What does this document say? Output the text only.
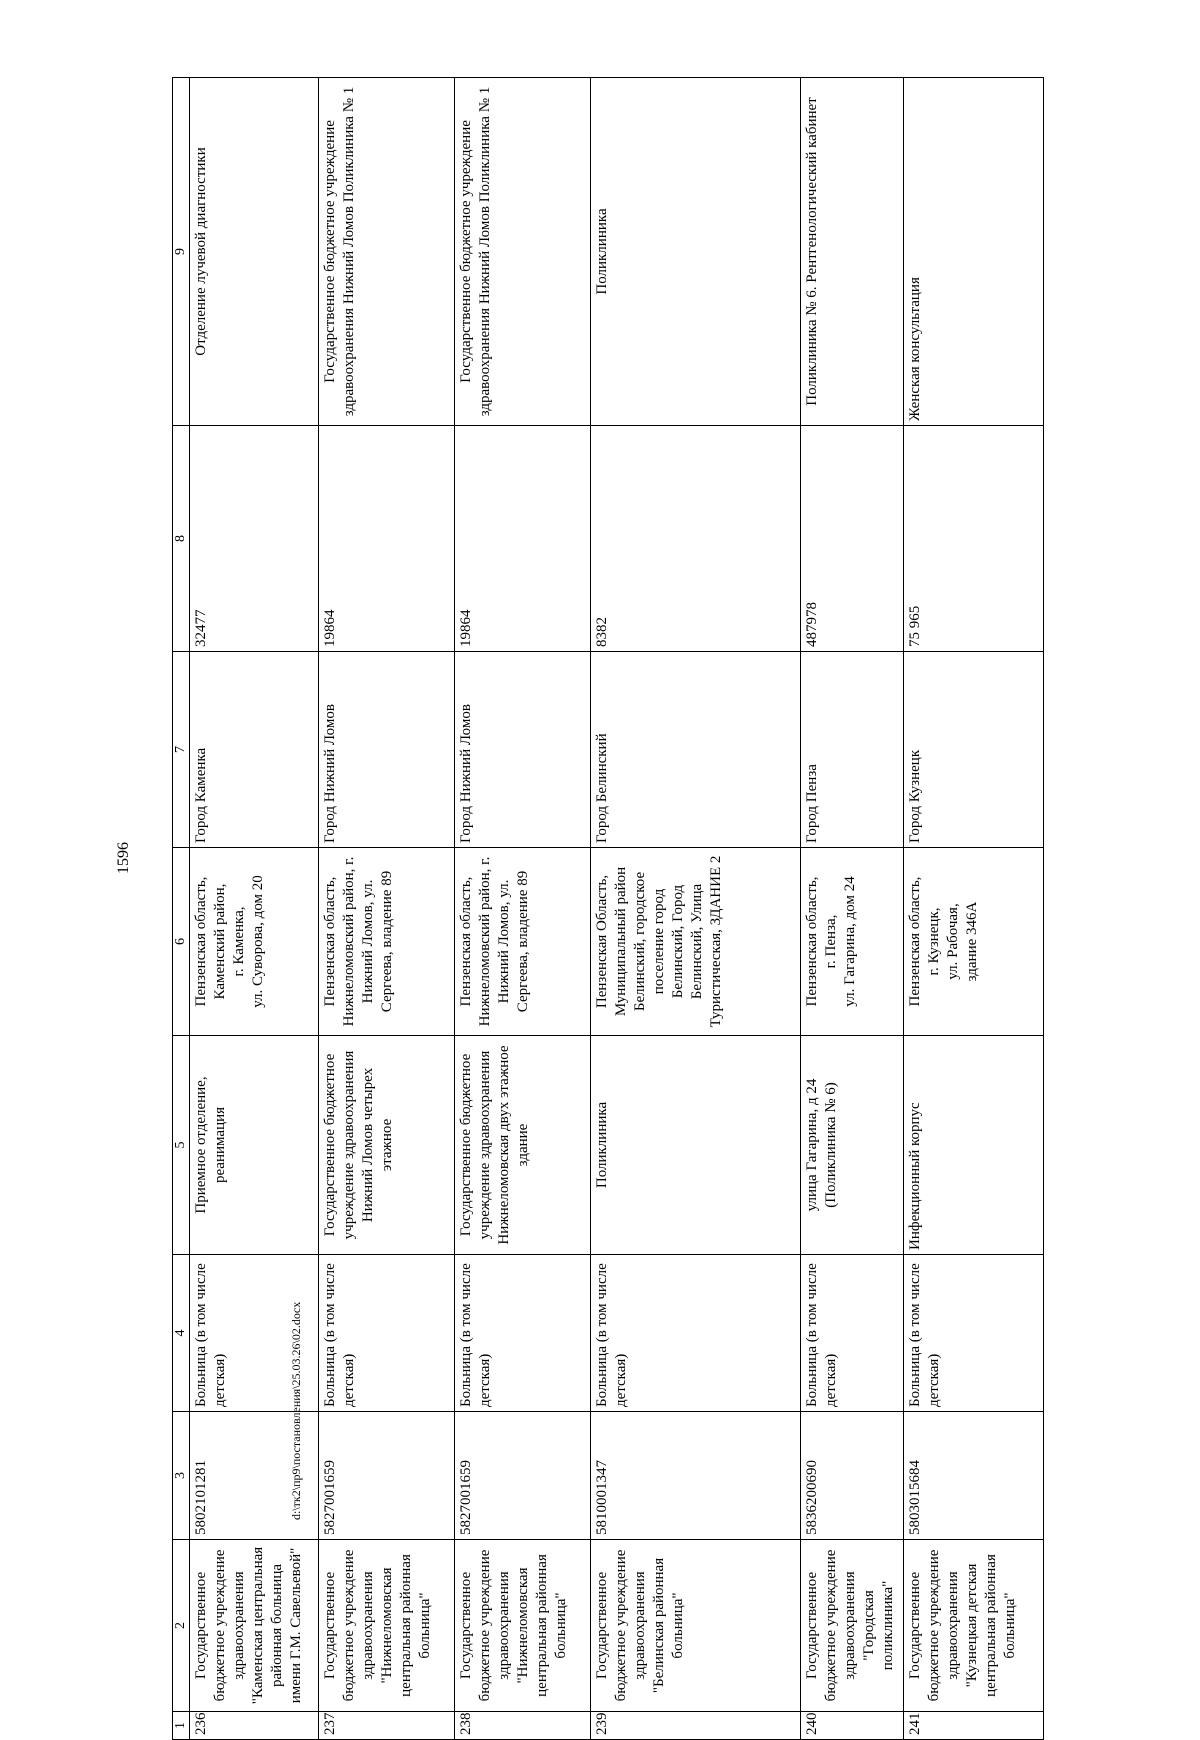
1596
1	2	3	4	5	6	7	8	9
236	Государственное бюджетное учреждение здравоохранения "Каменская центральная районная больница имени Г.М. Савельевой"	5802101281	Больница (в том числе детская)	Приемное отделение, реанимация	Пензенская область,
Каменский район,
г. Каменка,
ул. Суворова, дом 20	Город Каменка	32477	Отделение лучевой диагностики
237	Государственное бюджетное учреждение здравоохранения "Нижнеломовская центральная районная больница"	5827001659	Больница (в том числе детская)	Государственное бюджетное учреждение здравоохранения Нижний Ломов четырех этажное	Пензенская область, Нижнеломовский район, г. Нижний Ломов, ул. Сергеева, владение 89	Город Нижний Ломов	19864	Государственное бюджетное учреждение здравоохранения Нижний Ломов Поликлиника № 1
238	Государственное бюджетное учреждение здравоохранения "Нижнеломовская центральная районная больница"	5827001659	Больница (в том числе детская)	Государственное бюджетное учреждение здравоохранения Нижнеломовская двух этажное здание	Пензенская область, Нижнеломовский район, г. Нижний Ломов, ул. Сергеева, владение 89	Город Нижний Ломов	19864	Государственное бюджетное учреждение здравоохранения Нижний Ломов Поликлиника № 1
239	Государственное бюджетное учреждение здравоохранения "Белинская районная больница"	5810001347	Больница (в том числе детская)	Поликлиника	Пензенская Область, Муниципальный район Белинский, городское поселение город Белинский, Город Белинский, Улица Туристическая, ЗДАНИЕ 2	Город Белинский	8382	Поликлиника
240	Государственное бюджетное учреждение здравоохранения "Городская поликлиника"	5836200690	Больница (в том числе детская)	улица Гагарина, д 24 (Поликлиника № 6)	Пензенская область,
г. Пенза,
ул. Гагарина, дом 24	Город Пенза	487978	Поликлиника № 6. Рентгенологический кабинет
241	Государственное бюджетное учреждение здравоохранения "Кузнецкая детская центральная районная больница"	5803015684	Больница (в том числе детская)	Инфекционный корпус	Пензенская область,
г. Кузнецк,
ул. Рабочая,
здание 346А	Город Кузнецк	75 965	Женская консультация
d:\тк2\пр9\постановления\25.03.26\02.docx
